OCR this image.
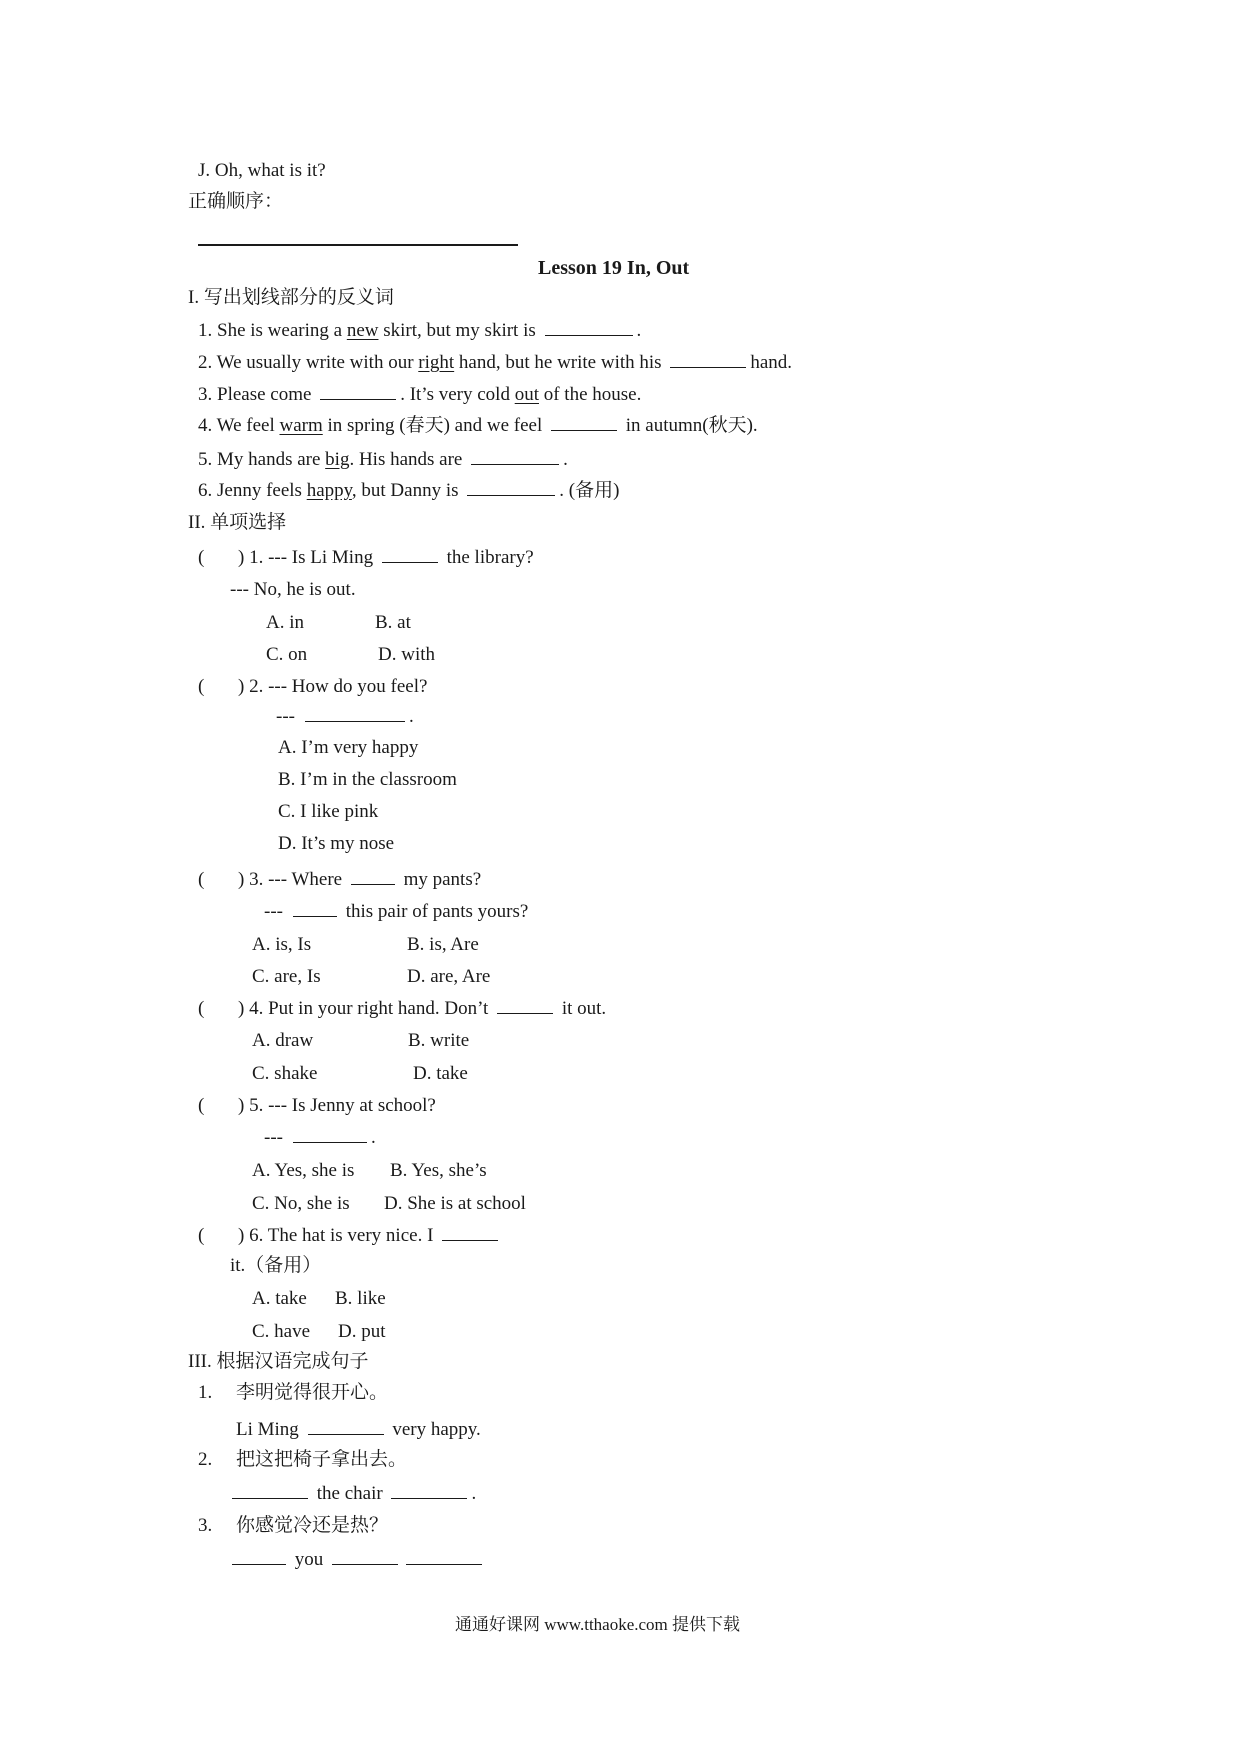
J. Oh, what is it?
正确顺序：
Lesson 19 In, Out
I. 写出划线部分的反义词
1. She is wearing a new skirt, but my skirt is	.
2. We usually write with our right hand, but he write with his	hand.
3. Please come	. It’s very cold out of the house.
4. We feel warm in spring (春天) and we feel	in autumn(秋天).
5. My hands are big. His hands are	.
6. Jenny feels happy, but Danny is	. (备用)
II. 单项选择
( ) 1. --- Is Li Ming	the library?
--- No, he is out.
A. in	B. at
C. on	D. with
( ) 2. --- How do you feel?
---	.
A. I’m very happy
B. I’m in the classroom
C. I like pink
D. It’s my nose
( ) 3. --- Where	my pants?
---	this pair of pants yours?
A. is, Is	B. is, Are
C. are, Is	D. are, Are
( ) 4. Put in your right hand. Don’t	it out.
A. draw	B. write
C. shake	D. take
( ) 5. --- Is Jenny at school?
---	.
A. Yes, she is B. Yes, she’s
C. No, she is D. She is at school
( ) 6. The hat is very nice. I
it.（备用）
A. take B. like
C. have D. put
III. 根据汉语完成句子
1. 李明觉得很开心。
Li Ming	very happy.
2. 把这把椅子拿出去。
the chair	.
3. 你感觉冷还是热？
you
通通好课网 www.tthaoke.com 提供下载
